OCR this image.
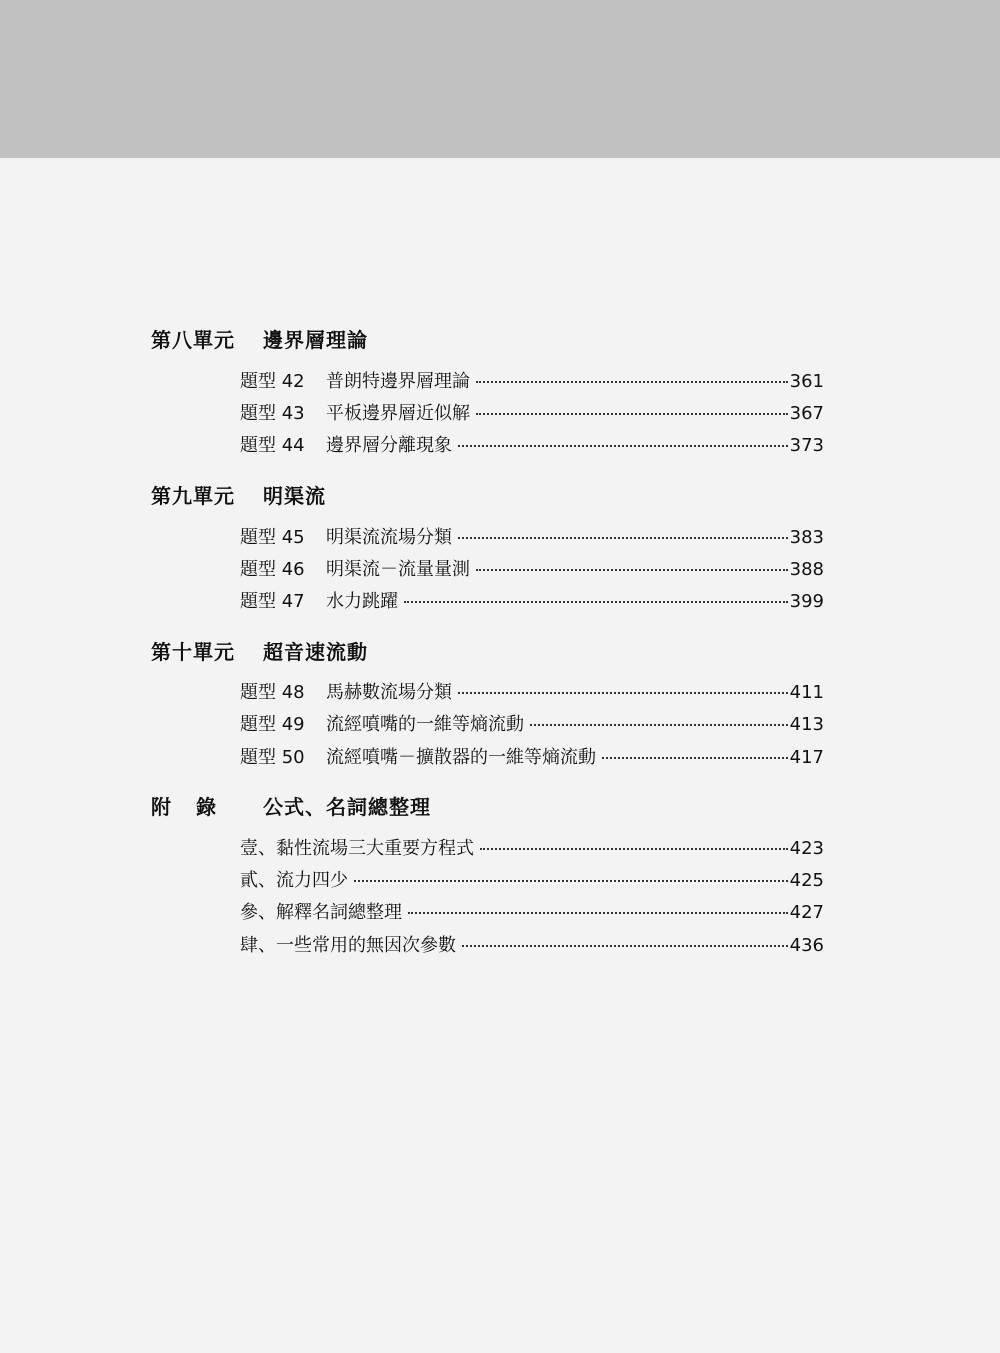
第八單元	邊界層理論
題型 42	普朗特邊界層理論	361
題型 43	平板邊界層近似解	367
題型 44	邊界層分離現象	373
第九單元	明渠流
題型 45	明渠流流場分類	383
題型 46	明渠流－流量量測	388
題型 47	水力跳躍	399
第十單元	超音速流動
題型 48	馬赫數流場分類	411
題型 49	流經噴嘴的一維等熵流動	413
題型 50	流經噴嘴－擴散器的一維等熵流動	417
附 錄 公式、名詞總整理
壹、黏性流場三大重要方程式	423
貳、流力四少	425
參、解釋名詞總整理	427
肆、一些常用的無因次參數	436
